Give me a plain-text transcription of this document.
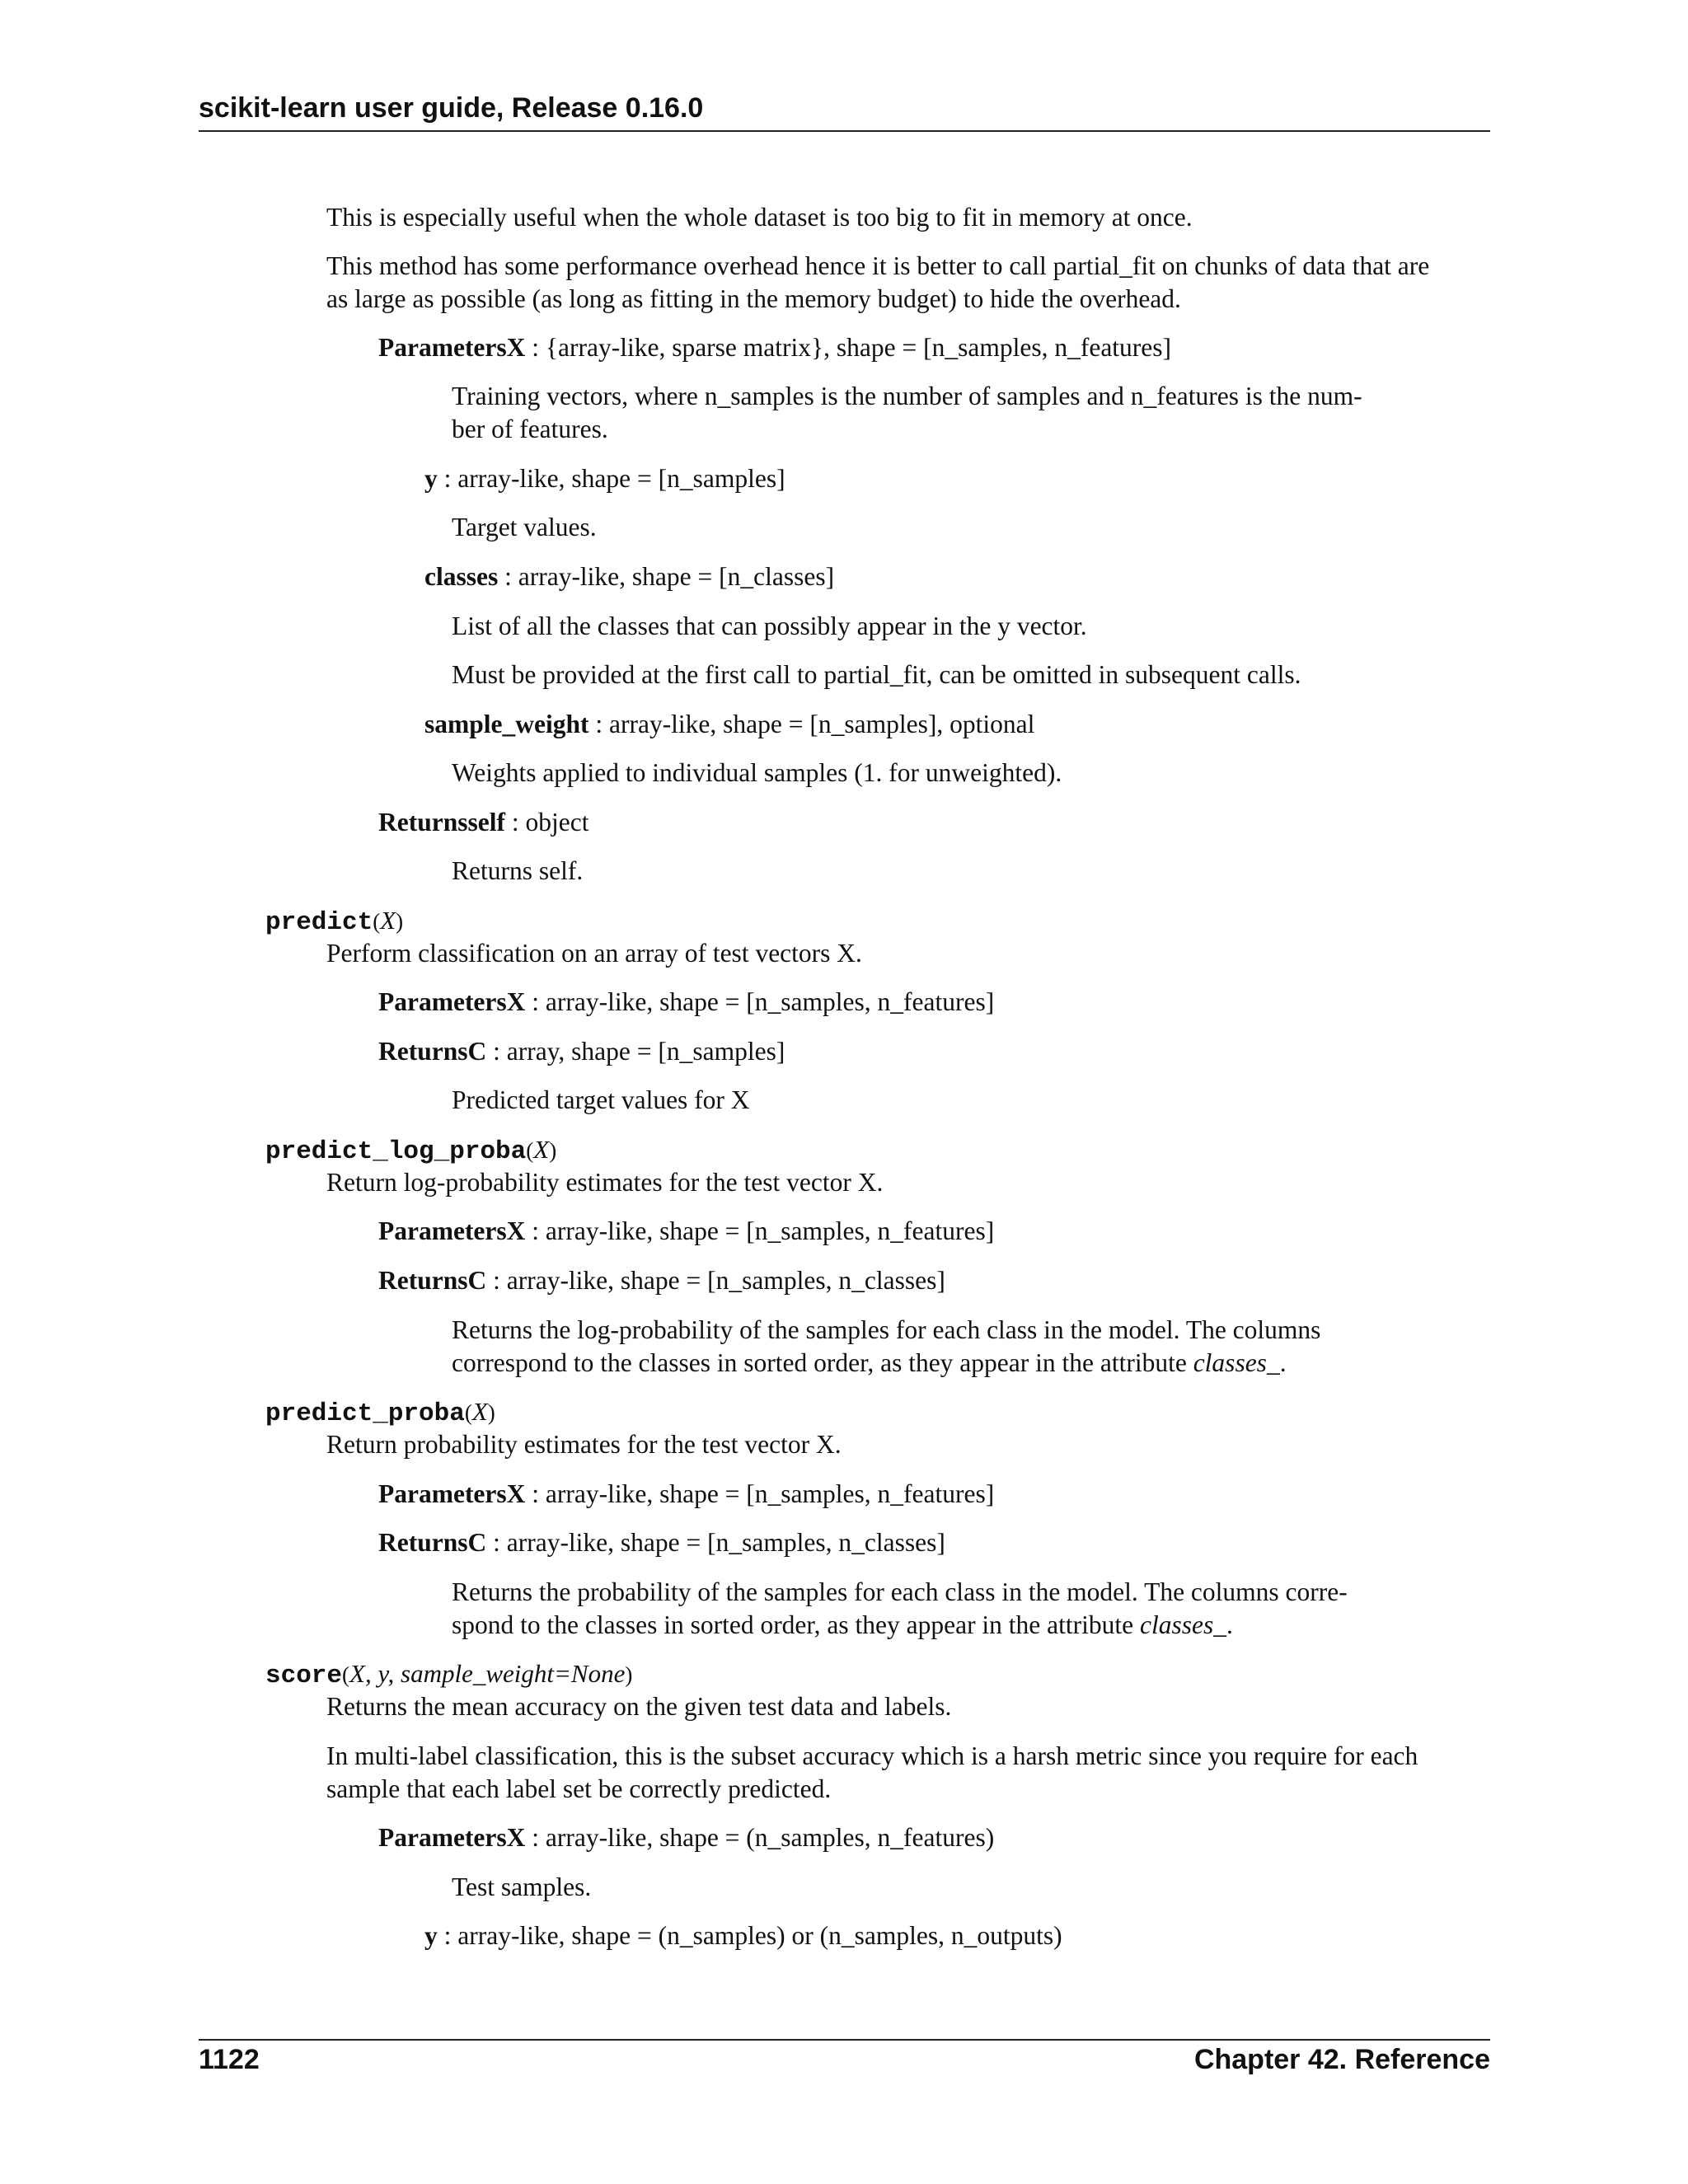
scikit-learn user guide, Release 0.16.0
This is especially useful when the whole dataset is too big to fit in memory at once.
This method has some performance overhead hence it is better to call partial_fit on chunks of data that are
as large as possible (as long as fitting in the memory budget) to hide the overhead.
ParametersX : {array-like, sparse matrix}, shape = [n_samples, n_features]
Training vectors, where n_samples is the number of samples and n_features is the num-
ber of features.
y : array-like, shape = [n_samples]
Target values.
classes : array-like, shape = [n_classes]
List of all the classes that can possibly appear in the y vector.
Must be provided at the first call to partial_fit, can be omitted in subsequent calls.
sample_weight : array-like, shape = [n_samples], optional
Weights applied to individual samples (1. for unweighted).
Returnsself : object
Returns self.
predict(X)
Perform classification on an array of test vectors X.
ParametersX : array-like, shape = [n_samples, n_features]
ReturnsC : array, shape = [n_samples]
Predicted target values for X
predict_log_proba(X)
Return log-probability estimates for the test vector X.
ParametersX : array-like, shape = [n_samples, n_features]
ReturnsC : array-like, shape = [n_samples, n_classes]
Returns the log-probability of the samples for each class in the model. The columns
correspond to the classes in sorted order, as they appear in the attribute classes_.
predict_proba(X)
Return probability estimates for the test vector X.
ParametersX : array-like, shape = [n_samples, n_features]
ReturnsC : array-like, shape = [n_samples, n_classes]
Returns the probability of the samples for each class in the model. The columns corre-
spond to the classes in sorted order, as they appear in the attribute classes_.
score(X, y, sample_weight=None)
Returns the mean accuracy on the given test data and labels.
In multi-label classification, this is the subset accuracy which is a harsh metric since you require for each
sample that each label set be correctly predicted.
ParametersX : array-like, shape = (n_samples, n_features)
Test samples.
y : array-like, shape = (n_samples) or (n_samples, n_outputs)
1122	Chapter 42. Reference
